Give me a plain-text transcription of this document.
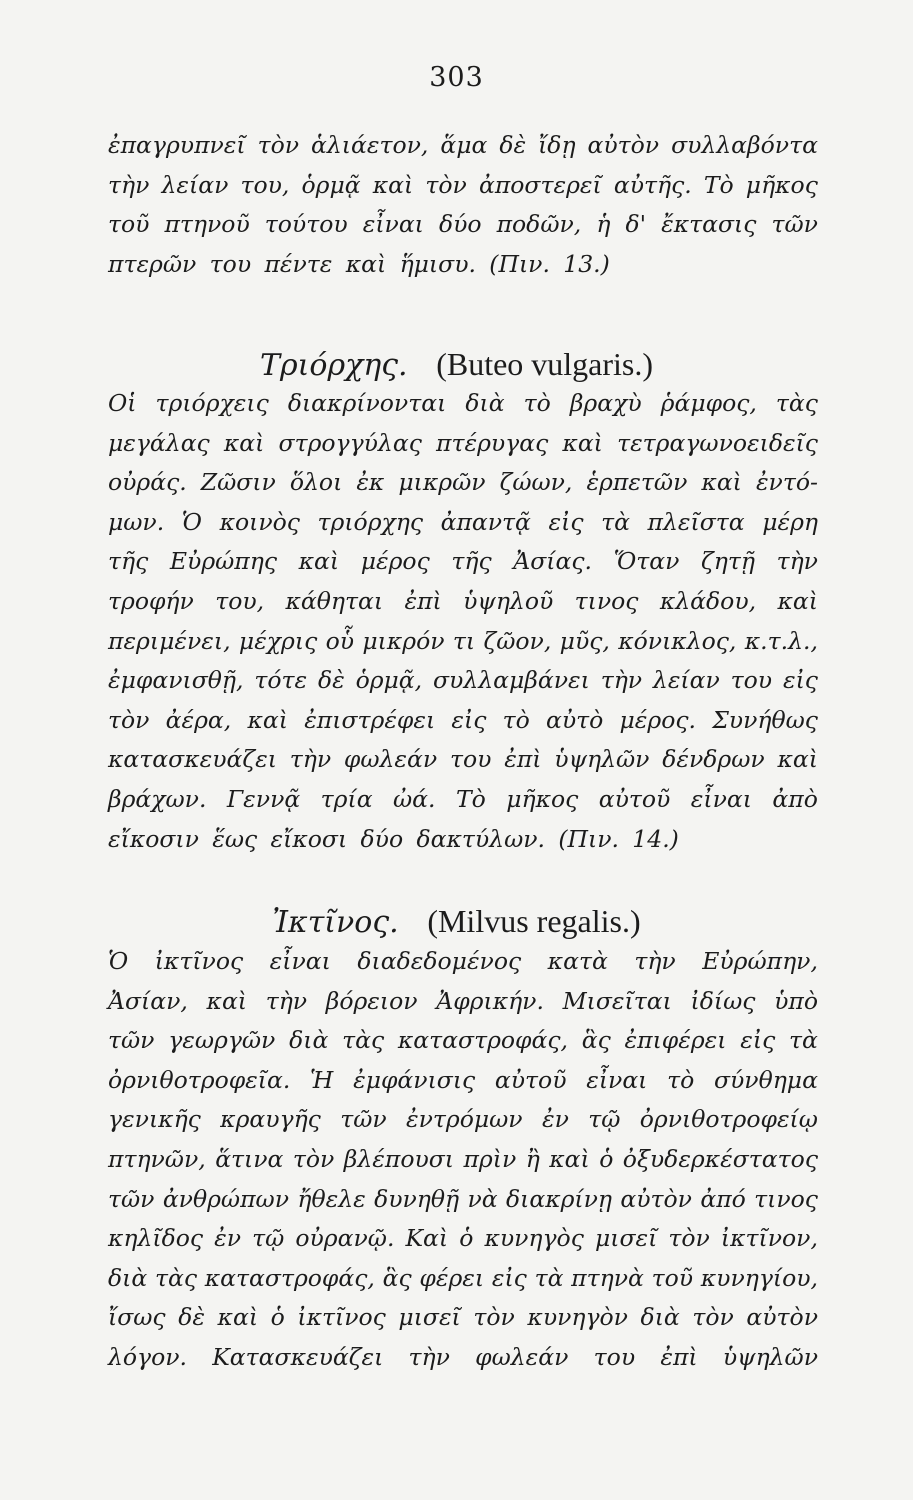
303
ἐπαγρυπνεῖ τὸν ἁλιάετον, ἅμα δὲ ἴδῃ αὐτὸν συλλαβόντα
τὴν λείαν του, ὁρμᾷ καὶ τὸν ἀποστερεῖ αὐτῆς. Τὸ μῆκος
τοῦ πτηνοῦ τούτου εἶναι δύο ποδῶν, ἡ δ' ἔκτασις τῶν
πτερῶν του πέντε καὶ ἥμισυ. (Πιν. 13.)
Τριόρχης. (Buteo vulgaris.)
Οἱ τριόρχεις διακρίνονται διὰ τὸ βραχὺ ῥάμφος, τὰς
μεγάλας καὶ στρογγύλας πτέρυγας καὶ τετραγωνοειδεῖς
οὐράς. Ζῶσιν ὅλοι ἐκ μικρῶν ζώων, ἑρπετῶν καὶ ἐντό-
μων. Ὁ κοινὸς τριόρχης ἀπαντᾷ εἰς τὰ πλεῖστα μέρη
τῆς Εὐρώπης καὶ μέρος τῆς Ἀσίας. Ὅταν ζητῇ τὴν
τροφήν του, κάθηται ἐπὶ ὑψηλοῦ τινος κλάδου, καὶ
περιμένει, μέχρις οὗ μικρόν τι ζῶον, μῦς, κόνικλος, κ.τ.λ.,
ἐμφανισθῇ, τότε δὲ ὁρμᾷ, συλλαμβάνει τὴν λείαν του εἰς
τὸν ἀέρα, καὶ ἐπιστρέφει εἰς τὸ αὐτὸ μέρος. Συνήθως
κατασκευάζει τὴν φωλεάν του ἐπὶ ὑψηλῶν δένδρων καὶ
βράχων. Γεννᾷ τρία ὠά. Τὸ μῆκος αὐτοῦ εἶναι ἀπὸ
εἴκοσιν ἕως εἴκοσι δύο δακτύλων. (Πιν. 14.)
Ἰκτῖνος. (Milvus regalis.)
Ὁ ἰκτῖνος εἶναι διαδεδομένος κατὰ τὴν Εὐρώπην,
Ἀσίαν, καὶ τὴν βόρειον Ἀφρικήν. Μισεῖται ἰδίως ὑπὸ
τῶν γεωργῶν διὰ τὰς καταστροφάς, ἃς ἐπιφέρει εἰς τὰ
ὀρνιθοτροφεῖα. Ἡ ἐμφάνισις αὐτοῦ εἶναι τὸ σύνθημα
γενικῆς κραυγῆς τῶν ἐντρόμων ἐν τῷ ὀρνιθοτροφείῳ
πτηνῶν, ἅτινα τὸν βλέπουσι πρὶν ἢ καὶ ὁ ὀξυδερκέστατος
τῶν ἀνθρώπων ἤθελε δυνηθῇ νὰ διακρίνῃ αὐτὸν ἀπό τινος
κηλῖδος ἐν τῷ οὐρανῷ. Καὶ ὁ κυνηγὸς μισεῖ τὸν ἰκτῖνον,
διὰ τὰς καταστροφάς, ἃς φέρει εἰς τὰ πτηνὰ τοῦ κυνηγίου,
ἴσως δὲ καὶ ὁ ἰκτῖνος μισεῖ τὸν κυνηγὸν διὰ τὸν αὐτὸν
λόγον. Κατασκευάζει τὴν φωλεάν του ἐπὶ ὑψηλῶν
